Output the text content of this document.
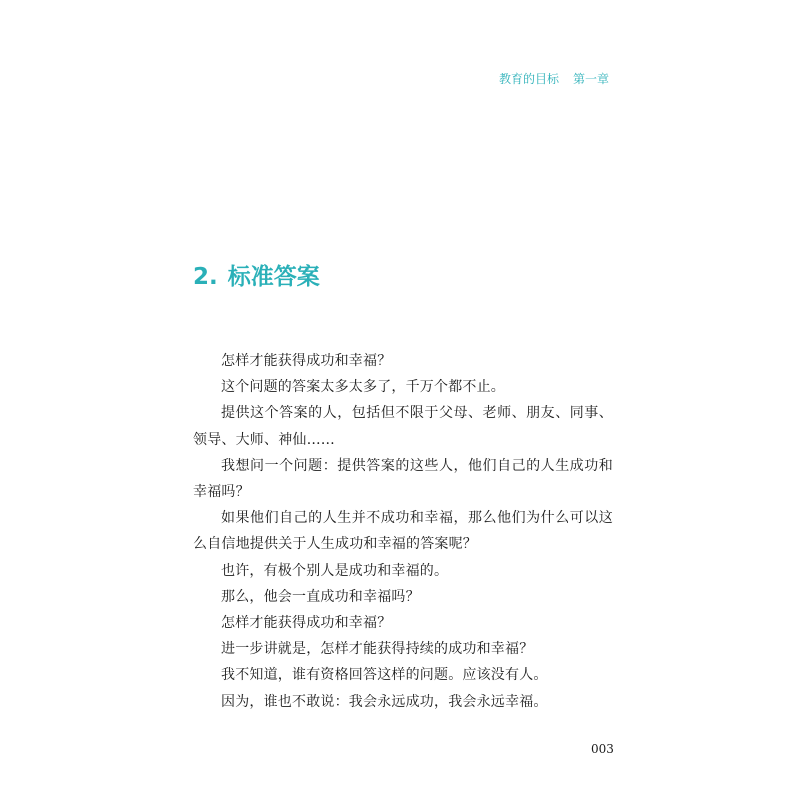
教育的目标 第一章
2. 标准答案

怎样才能获得成功和幸福？

这个问题的答案太多太多了，千万个都不止。

提供这个答案的人，包括但不限于父母、老师、朋友、同事、领导、大师、神仙……

我想问一个问题：提供答案的这些人，他们自己的人生成功和幸福吗？

如果他们自己的人生并不成功和幸福，那么他们为什么可以这么自信地提供关于人生成功和幸福的答案呢？

也许，有极个别人是成功和幸福的。

那么，他会一直成功和幸福吗？

怎样才能获得成功和幸福？

进一步讲就是，怎样才能获得持续的成功和幸福？

我不知道，谁有资格回答这样的问题。应该没有人。

因为，谁也不敢说：我会永远成功，我会永远幸福。

003
